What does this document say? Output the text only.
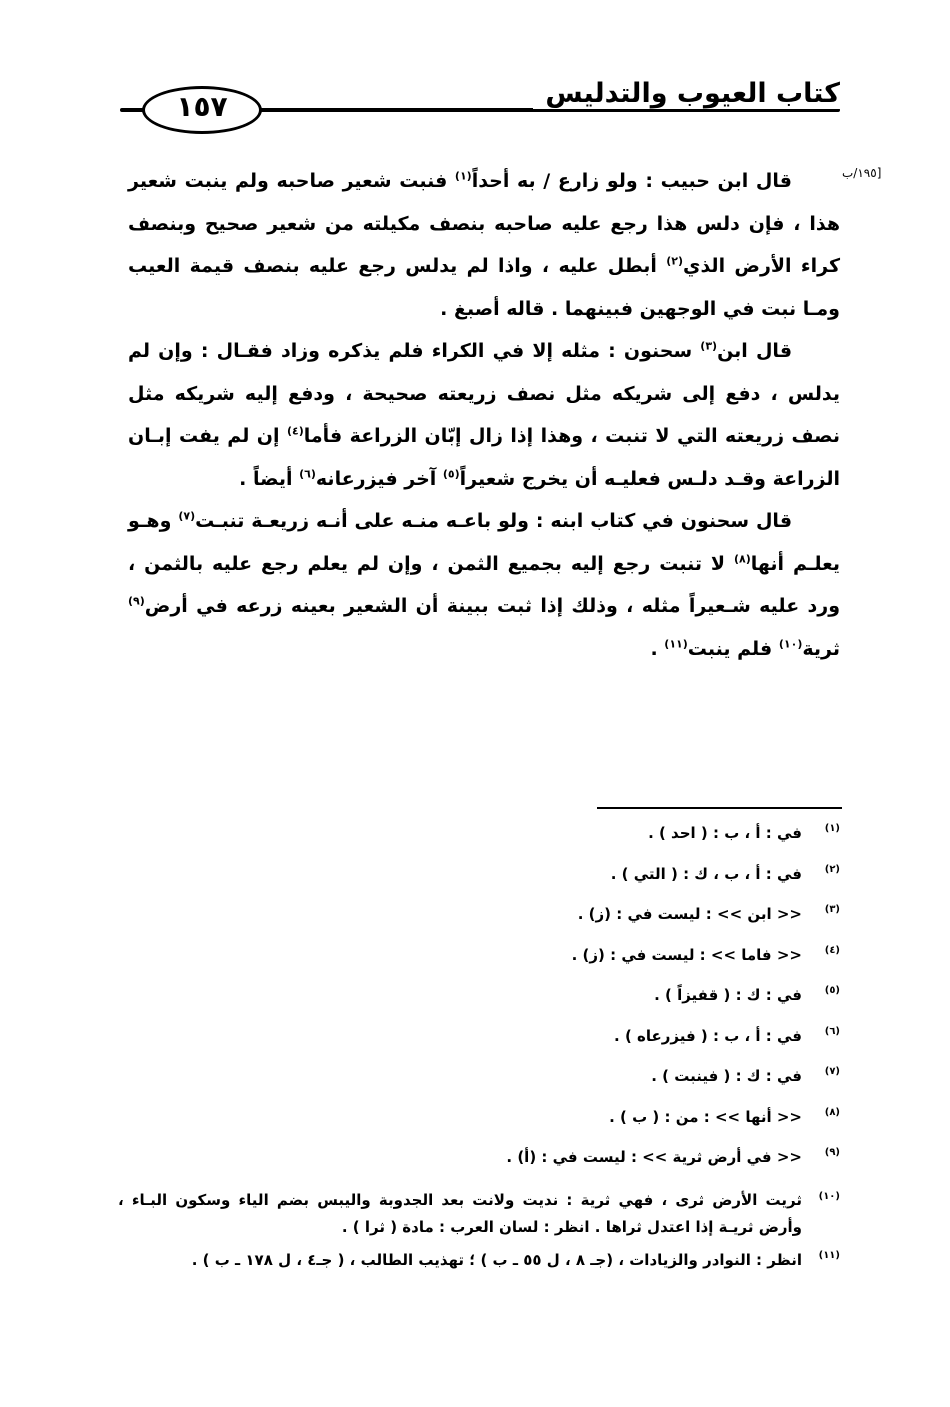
كتاب العيوب والتدليس
١٥٧
[١٩٥/ب

قال ابن حبيب : ولو زارع / به أحداً$^{(١)}$ فنبت شعير صاحبه ولم ينبت شعير هذا ، فإن دلس هذا رجع عليه صاحبه بنصف مكيلته من شعير صحيح وبنصف كراء الأرض الذي$^{(٢)}$ أبطل عليه ، واذا لم يدلس رجع عليه بنصف قيمة العيب ومـا نبت في الوجهين فبينهما . قاله أصبغ .

قال ابن$^{(٣)}$ سحنون : مثله إلا في الكراء فلم يذكره وزاد فقـال : وإن لم يدلس ، دفع إلى شريكه مثل نصف زريعته صحيحة ، ودفع إليه شريكه مثل نصف زريعته التي لا تنبت ، وهذا إذا زال إبّان الزراعة فأما$^{(٤)}$ إن لم يفت إبـان الزراعة وقـد دلـس فعليـه أن يخرج شعيراً$^{(٥)}$ آخر فيزرعانه$^{(٦)}$ أيضاً .

قال سحنون في كتاب ابنه : ولو باعـه منـه على أنـه زريعـة تنبـت$^{(٧)}$ وهـو يعلـم أنها$^{(٨)}$ لا تنبت رجع إليه بجميع الثمن ، وإن لم يعلم رجع عليه بالثمن ، ورد عليه شـعيراً مثله ، وذلك إذا ثبت ببينة أن الشعير بعينه زرعه في أرض$^{(٩)}$ ثرية$^{(١٠)}$ فلم ينبت$^{(١١)}$ .

(١)
في : أ ، ب : ( احد ) .
(٢)
في : أ ، ب ، ك : ( التي ) .
(٣)
<< ابن >> : ليست في : (ز) .
(٤)
<< فاما >> : ليست في : (ز) .
(٥)
في : ك : ( قفيزاً ) .
(٦)
في : أ ، ب : ( فيزرعاه ) .
(٧)
في : ك : ( فينبت ) .
(٨)
<< أنها >> : من : ( ب ) .
(٩)
<< في أرض ثرية >> : ليست في : (أ) .
(١٠)
ثريت الأرض ثرى ، فهي ثرية : نديت ولانت بعد الجدوبة واليبس بضم الياء وسكون البـاء ، وأرض ثريـة إذا اعتدل ثراها . انظر : لسان العرب : مادة ( ثرا ) .
(١١)
انظر : النوادر والزيادات ، (جـ ٨ ، ل ٥٥ ـ ب ) ؛ تهذيب الطالب ، ( جـ٤ ، ل ١٧٨ ـ ب ) .
